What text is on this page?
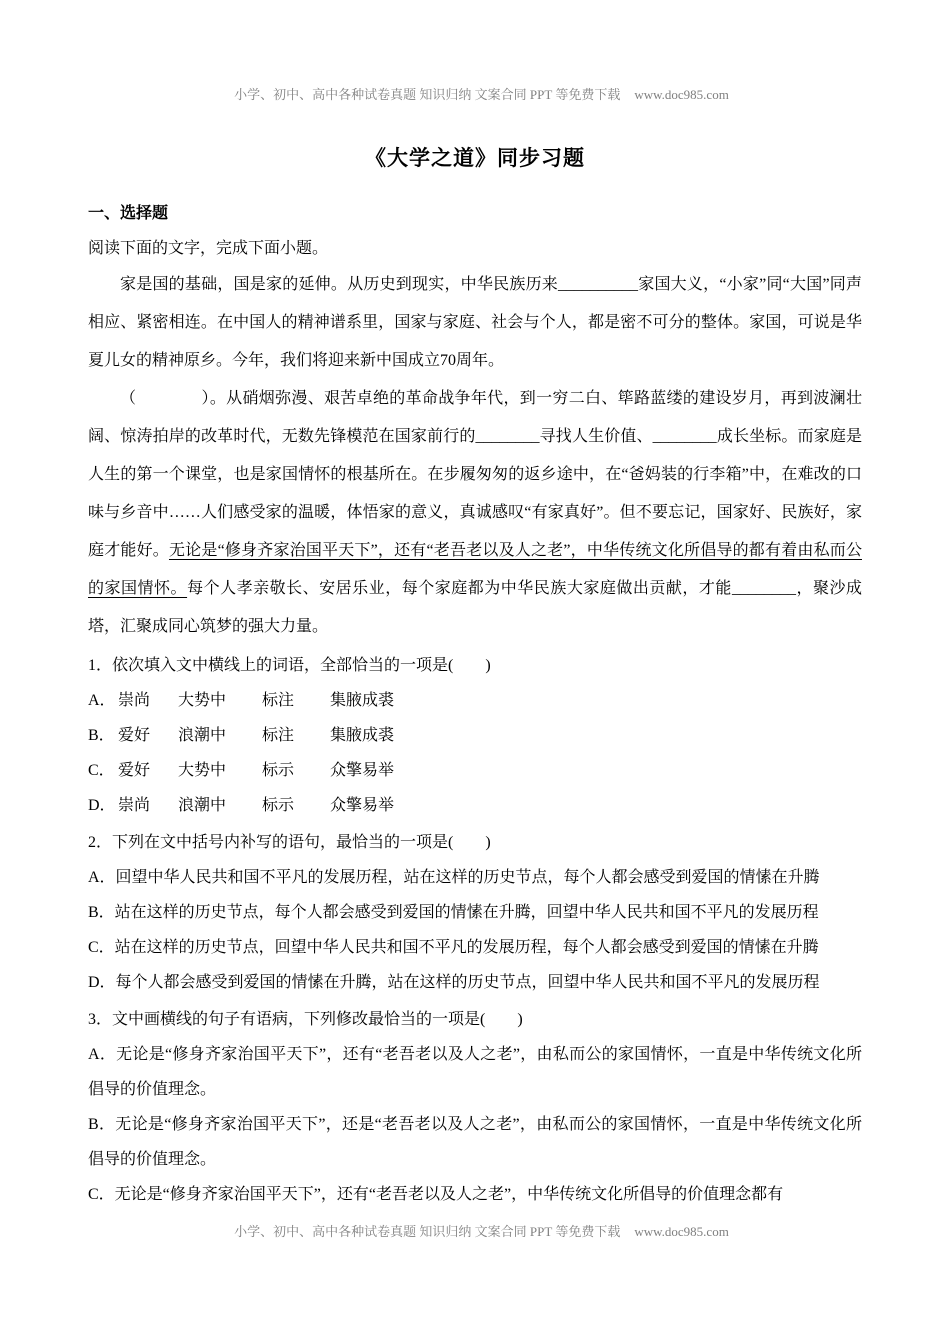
小学、初中、高中各种试卷真题 知识归纳 文案合同 PPT 等免费下载 www.doc985.com

《大学之道》同步习题

一、选择题

阅读下面的文字，完成下面小题。

家是国的基础，国是家的延伸。从历史到现实，中华民族历来__________家国大义，“小家”同“大国”同声相应、紧密相连。在中国人的精神谱系里，国家与家庭、社会与个人，都是密不可分的整体。家国，可说是华夏儿女的精神原乡。今年，我们将迎来新中国成立70周年。

（　　　　）。从硝烟弥漫、艰苦卓绝的革命战争年代，到一穷二白、筚路蓝缕的建设岁月，再到波澜壮阔、惊涛拍岸的改革时代，无数先锋模范在国家前行的________寻找人生价值、________成长坐标。而家庭是人生的第一个课堂，也是家国情怀的根基所在。在步履匆匆的返乡途中，在“爸妈装的行李箱”中，在难改的口味与乡音中……人们感受家的温暖，体悟家的意义，真诚感叹“有家真好”。但不要忘记，国家好、民族好，家庭才能好。无论是“修身齐家治国平天下”，还有“老吾老以及人之老”，中华传统文化所倡导的都有着由私而公的家国情怀。每个人孝亲敬长、安居乐业，每个家庭都为中华民族大家庭做出贡献，才能________，聚沙成塔，汇聚成同心筑梦的强大力量。

1．依次填入文中横线上的词语，全部恰当的一项是(        )

A． 崇尚 大势中 标注 集腋成裘
B． 爱好 浪潮中 标注 集腋成裘
C． 爱好 大势中 标示 众擎易举
D． 崇尚 浪潮中 标示 众擎易举

2．下列在文中括号内补写的语句，最恰当的一项是(        )

A．回望中华人民共和国不平凡的发展历程，站在这样的历史节点，每个人都会感受到爱国的情愫在升腾

B．站在这样的历史节点，每个人都会感受到爱国的情愫在升腾，回望中华人民共和国不平凡的发展历程

C．站在这样的历史节点，回望中华人民共和国不平凡的发展历程，每个人都会感受到爱国的情愫在升腾

D．每个人都会感受到爱国的情愫在升腾，站在这样的历史节点，回望中华人民共和国不平凡的发展历程

3．文中画横线的句子有语病，下列修改最恰当的一项是(        )

A．无论是“修身齐家治国平天下”，还有“老吾老以及人之老”，由私而公的家国情怀，一直是中华传统文化所倡导的价值理念。

B．无论是“修身齐家治国平天下”，还是“老吾老以及人之老”，由私而公的家国情怀，一直是中华传统文化所倡导的价值理念。

C．无论是“修身齐家治国平天下”，还有“老吾老以及人之老”，中华传统文化所倡导的价值理念都有

小学、初中、高中各种试卷真题 知识归纳 文案合同 PPT 等免费下载 www.doc985.com
